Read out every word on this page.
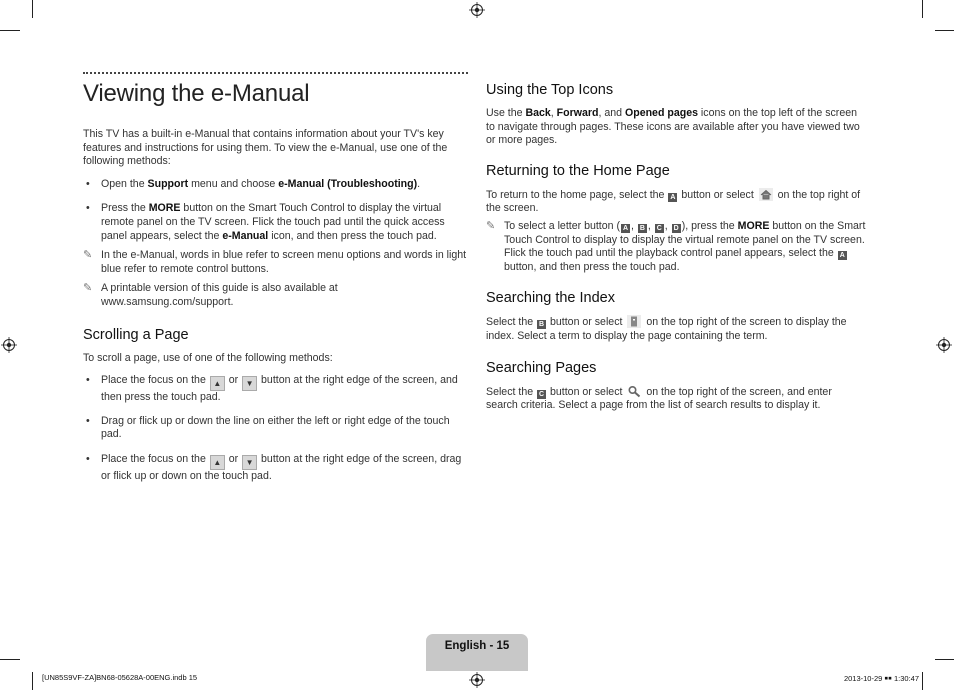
Viewing the e-Manual

This TV has a built-in e-Manual that contains information about your TV's key features and instructions for using them. To view the e-Manual, use one of the following methods:

• Open the Support menu and choose e-Manual (Troubleshooting).
• Press the MORE button on the Smart Touch Control to display the virtual remote panel on the TV screen. Flick the touch pad until the quick access panel appears, select the e-Manual icon, and then press the touch pad.
✎ In the e-Manual, words in blue refer to screen menu options and words in light blue refer to remote control buttons.
✎ A printable version of this guide is also available at www.samsung.com/support.
Scrolling a Page

To scroll a page, use of one of the following methods:

• Place the focus on the ▲ or ▼ button at the right edge of the screen, and then press the touch pad.
• Drag or flick up or down the line on either the left or right edge of the touch pad.
• Place the focus on the ▲ or ▼ button at the right edge of the screen, drag or flick up or down on the touch pad.
Using the Top Icons

Use the Back, Forward, and Opened pages icons on the top left of the screen to navigate through pages. These icons are available after you have viewed two or more pages.

Returning to the Home Page

To return to the home page, select the A button or select  on the top right of the screen.

✎ To select a letter button ( A , B , C , D ), press the MORE button on the Smart Touch Control to display to display the virtual remote panel on the TV screen. Flick the touch pad until the playback control panel appears, select the A button, and then press the touch pad.
Searching the Index

Select the B button or select  on the top right of the screen to display the index. Select a term to display the page containing the term.

Searching Pages

Select the C button or select  on the top right of the screen, and enter search criteria. Select a page from the list of search results to display it.

English - 15
[UN85S9VF-ZA]BN68-05628A-00ENG.indb 15	2013-10-29 ￭￭ 1:30:47
